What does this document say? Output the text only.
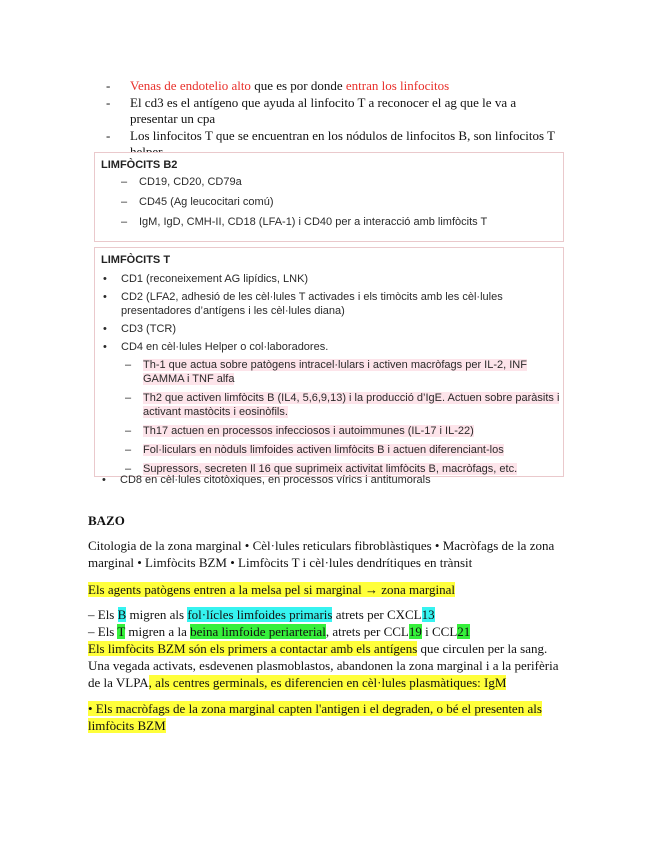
- Venas de endotelio alto que es por donde entran los linfocitos
- El cd3 es el antígeno que ayuda al linfocito T a reconocer el ag que le va a presentar un cpa
- Los linfocitos T que se encuentran en los nódulos de linfocitos B, son linfocitos T
LIMFÒCITS B2
– CD19, CD20, CD79a
– CD45 (Ag leucocitari comú)
– IgM, IgD, CMH-II, CD18 (LFA-1) i CD40 per a interacció amb limfòcits T
LIMFÒCITS T
• CD1 (reconeixement AG lipídics, LNK)
• CD2 (LFA2, adhesió de les cèl·lules T activades i els timòcits amb les cèl·lules presentadores d’antígens i les cèl·lules diana)
• CD3 (TCR)
• CD4 en cèl·lules Helper o col·laboradores.
– Th-1 que actua sobre patògens intracel·lulars i activen macròfags per IL-2, INF GAMMA i TNF alfa
– Th2 que activen limfòcits B (IL4, 5,6,9,13) i la producció d’IgE. Actuen sobre paràsits i activant mastòcits i eosinòfils.
– Th17 actuen en processos infecciosos i autoimmunes (IL-17 i IL-22)
– Fol·liculars en nòduls limfoides activen limfòcits B i actuen diferenciant-los
– Supressors, secreten Il 16 que suprimeix activitat limfòcits B, macròfags, etc.
• CD8 en cèl·lules citotòxiques, en processos vírics i antitumorals
BAZO

Citologia de la zona marginal • Cèl·lules reticulars fibroblàstiques • Macròfags de la zona marginal • Limfòcits BZM • Limfòcits T i cèl·lules dendrítiques en trànsit

Els agents patògens entren a la melsa pel si marginal → zona marginal

– Els B migren als fol·lícles limfoides primaris atrets per CXCL13

– Els T migren a la beina limfoide periarterial, atrets per CCL19 i CCL21

Els limfòcits BZM són els primers a contactar amb els antígens que circulen per la sang. Una vegada activats, esdevenen plasmoblastos, abandonen la zona marginal i a la perifèria de la VLPA, als centres germinals, es diferencien en cèl·lules plasmàtiques: IgM

• Els macròfags de la zona marginal capten l'antigen i el degraden, o bé el presenten als limfòcits BZM
